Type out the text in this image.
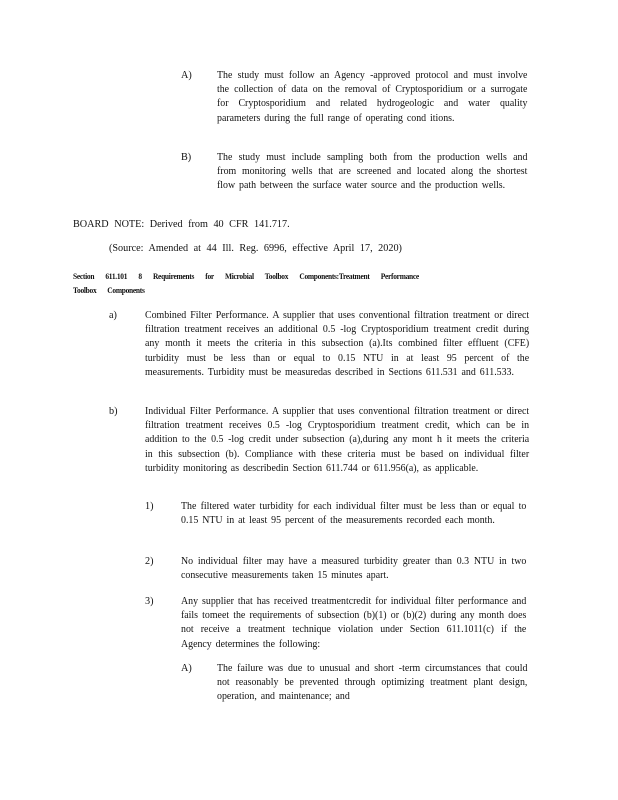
A) The study must follow an Agency -approved protocol and must involve the collection of data on the removal of Cryptosporidium or a surrogate for Cryptosporidium and related hydrogeologic and water quality parameters during the full range of operating cond itions.
B)	The study must include sampling both from the production wells and from monitoring wells that are screened and located along the shortest flow path between the surface water source and the production wells.
BOARD NOTE: Derived from 40 CFR 141.717.
(Source: Amended at 44 Ill. Reg. 6996, effective April 17, 2020)
Section 611.101 8 Requirements for Microbial Toolbox Components:Treatment Performance Toolbox Components
a)	Combined Filter Performance. A supplier that uses conventional filtration treatment or direct filtration treatment receives an additional 0.5 -log Cryptosporidium treatment credit during any month it meets the criteria in this subsection (a).Its combined filter effluent (CFE) turbidity must be less than or equal to 0.15 NTU in at least 95 percent of the measurements. Turbidity must be measuredas described in Sections 611.531 and 611.533.
b)	Individual Filter Performance. A supplier that uses conventional filtration treatment or direct filtration treatment receives 0.5 -log Cryptosporidium treatment credit, which can be in addition to the 0.5 -log credit under subsection (a),during any mont h it meets the criteria in this subsection (b). Compliance with these criteria must be based on individual filter turbidity monitoring as describedin Section 611.744 or 611.956(a), as applicable.
1)	The filtered water turbidity for each individual filter must be less than or equal to 0.15 NTU in at least 95 percent of the measurements recorded each month.
2)	No individual filter may have a measured turbidity greater than 0.3 NTU in two consecutive measurements taken 15 minutes apart.
3)	Any supplier that has received treatmentcredit for individual filter performance and fails tomeet the requirements of subsection (b)(1) or (b)(2) during any month does not receive a treatment technique violation under Section 611.1011(c) if the Agency determines the following:
A) The failure was due to unusual and short -term circumstances that could not reasonably be prevented through optimizing treatment plant design, operation, and maintenance; and
